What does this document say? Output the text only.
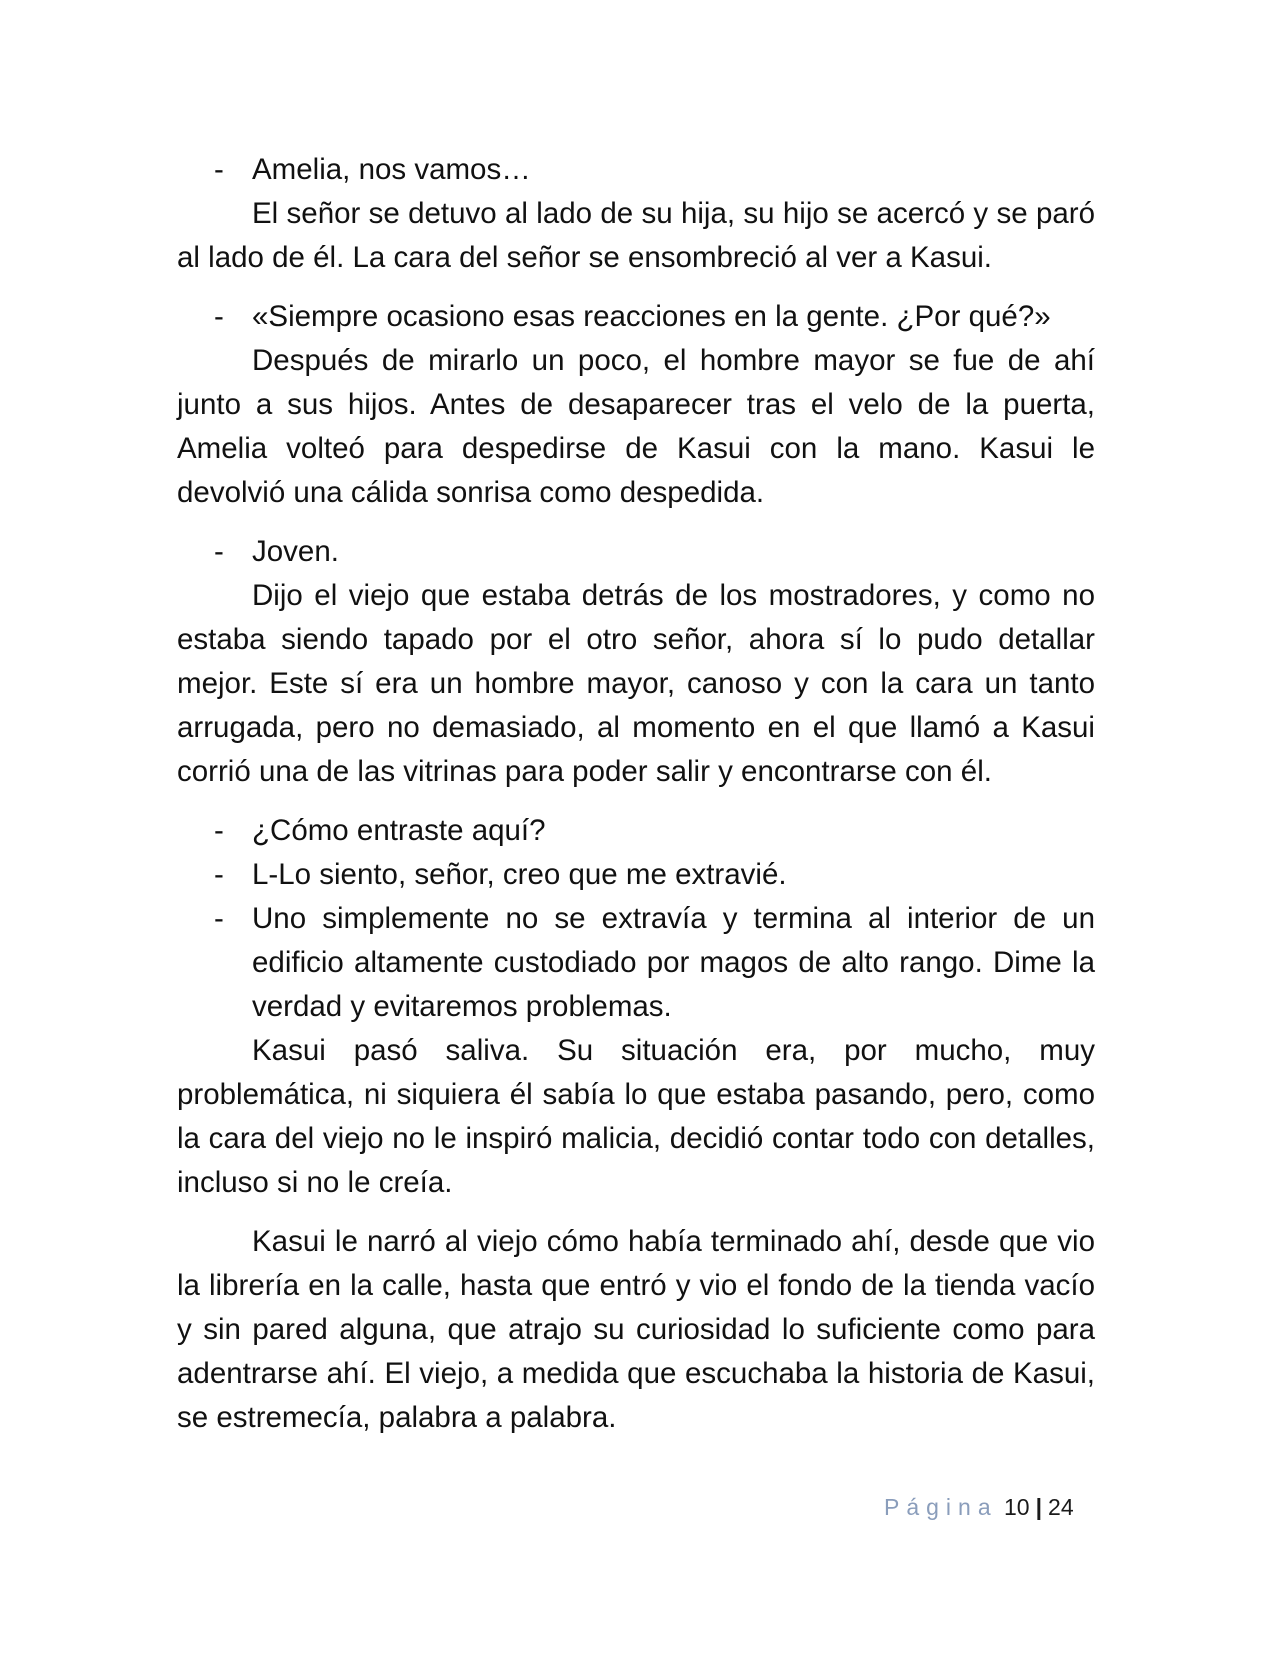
- Amelia, nos vamos…
El señor se detuvo al lado de su hija, su hijo se acercó y se paró al lado de él. La cara del señor se ensombreció al ver a Kasui.
- «Siempre ocasiono esas reacciones en la gente. ¿Por qué?»
Después de mirarlo un poco, el hombre mayor se fue de ahí junto a sus hijos. Antes de desaparecer tras el velo de la puerta, Amelia volteó para despedirse de Kasui con la mano. Kasui le devolvió una cálida sonrisa como despedida.
- Joven.
Dijo el viejo que estaba detrás de los mostradores, y como no estaba siendo tapado por el otro señor, ahora sí lo pudo detallar mejor. Este sí era un hombre mayor, canoso y con la cara un tanto arrugada, pero no demasiado, al momento en el que llamó a Kasui corrió una de las vitrinas para poder salir y encontrarse con él.
- ¿Cómo entraste aquí?
- L-Lo siento, señor, creo que me extravié.
- Uno simplemente no se extravía y termina al interior de un edificio altamente custodiado por magos de alto rango. Dime la verdad y evitaremos problemas.
Kasui pasó saliva. Su situación era, por mucho, muy problemática, ni siquiera él sabía lo que estaba pasando, pero, como la cara del viejo no le inspiró malicia, decidió contar todo con detalles, incluso si no le creía.
Kasui le narró al viejo cómo había terminado ahí, desde que vio la librería en la calle, hasta que entró y vio el fondo de la tienda vacío y sin pared alguna, que atrajo su curiosidad lo suficiente como para adentrarse ahí. El viejo, a medida que escuchaba la historia de Kasui, se estremecía, palabra a palabra.
Página 10 | 24
